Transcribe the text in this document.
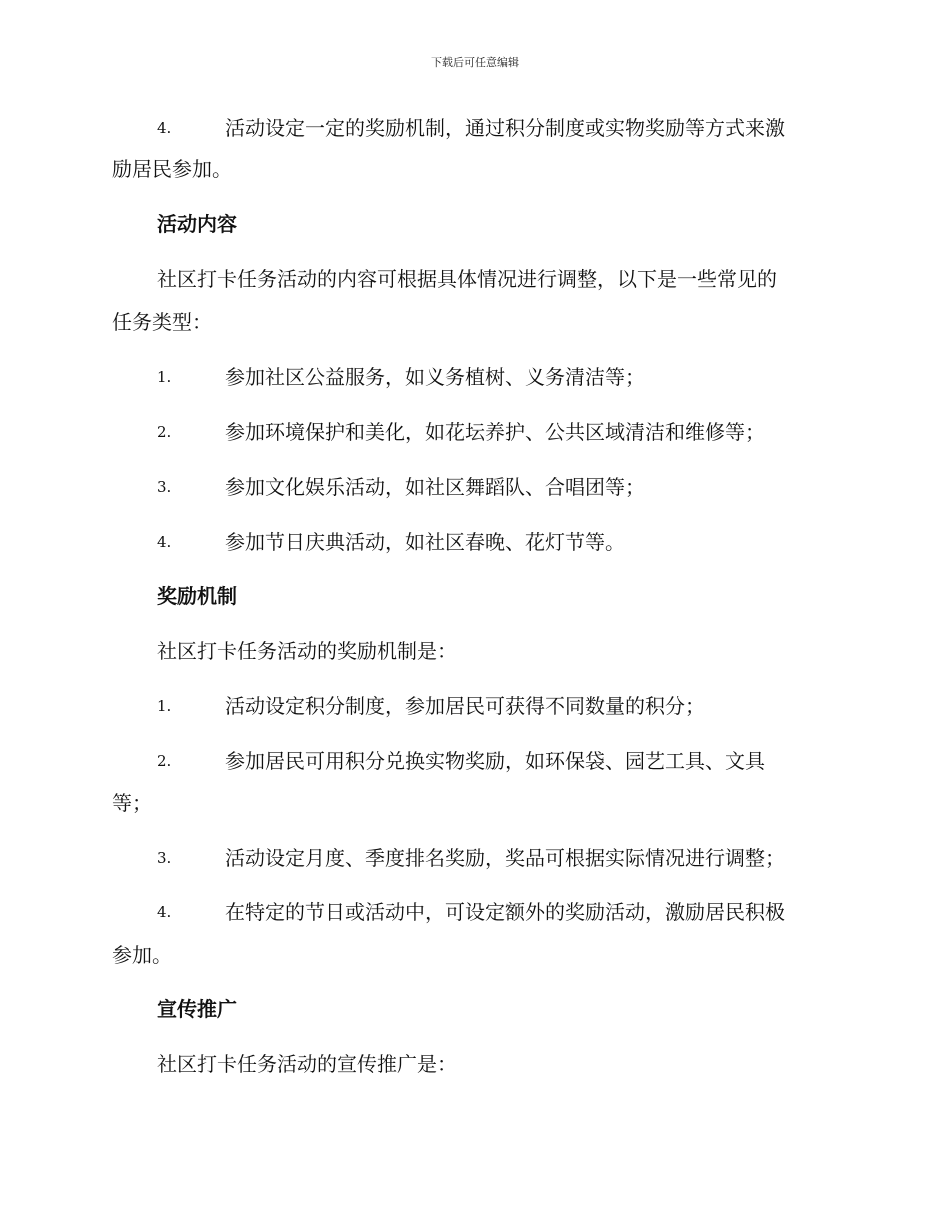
下载后可任意编辑
4.	活动设定一定的奖励机制，通过积分制度或实物奖励等方式来激
励居民参加。
活动内容
社区打卡任务活动的内容可根据具体情况进行调整，以下是一些常见的
任务类型：
1.	参加社区公益服务，如义务植树、义务清洁等；
2.	参加环境保护和美化，如花坛养护、公共区域清洁和维修等；
3.	参加文化娱乐活动，如社区舞蹈队、合唱团等；
4.	参加节日庆典活动，如社区春晚、花灯节等。
奖励机制
社区打卡任务活动的奖励机制是：
1.	活动设定积分制度，参加居民可获得不同数量的积分；
2.	参加居民可用积分兑换实物奖励，如环保袋、园艺工具、文具
等；
3.	活动设定月度、季度排名奖励，奖品可根据实际情况进行调整；
4.	在特定的节日或活动中，可设定额外的奖励活动，激励居民积极
参加。
宣传推广
社区打卡任务活动的宣传推广是：
